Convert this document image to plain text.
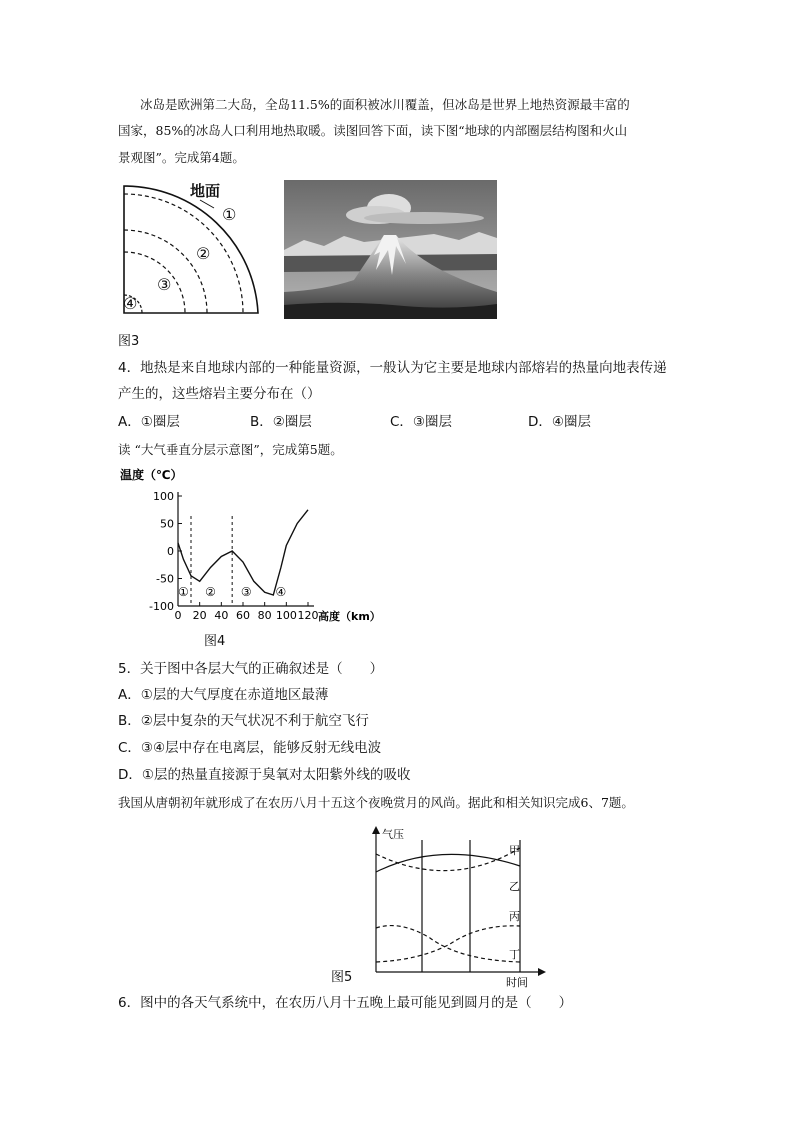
冰岛是欧洲第二大岛，全岛11.5%的面积被冰川覆盖，但冰岛是世界上地热资源最丰富的
国家，85%的冰岛人口利用地热取暖。读图回答下面，读下图“地球的内部圈层结构图和火山
景观图”。完成第4题。
地面
①
②
③
④
图3
4．地热是来自地球内部的一种能量资源，一般认为它主要是地球内部熔岩的热量向地表传递
产生的，这些熔岩主要分布在（）
A．①圈层	B．②圈层	C．③圈层	D．④圈层
读 “大气垂直分层示意图”，完成第5题。
温度（℃）
100
50
0
-50
-100
0 20 40 60 80 100 120
① ② ③ ④
高度（km）
图4
5．关于图中各层大气的正确叙述是（　　）
A．①层的大气厚度在赤道地区最薄
B．②层中复杂的天气状况不利于航空飞行
C．③④层中存在电离层，能够反射无线电波
D．①层的热量直接源于臭氧对太阳紫外线的吸收
我国从唐朝初年就形成了在农历八月十五这个夜晚赏月的风尚。据此和相关知识完成6、7题。
气压
甲
乙
丙
丁
时间
图5
6．图中的各天气系统中，在农历八月十五晚上最可能见到圆月的是（　　）
